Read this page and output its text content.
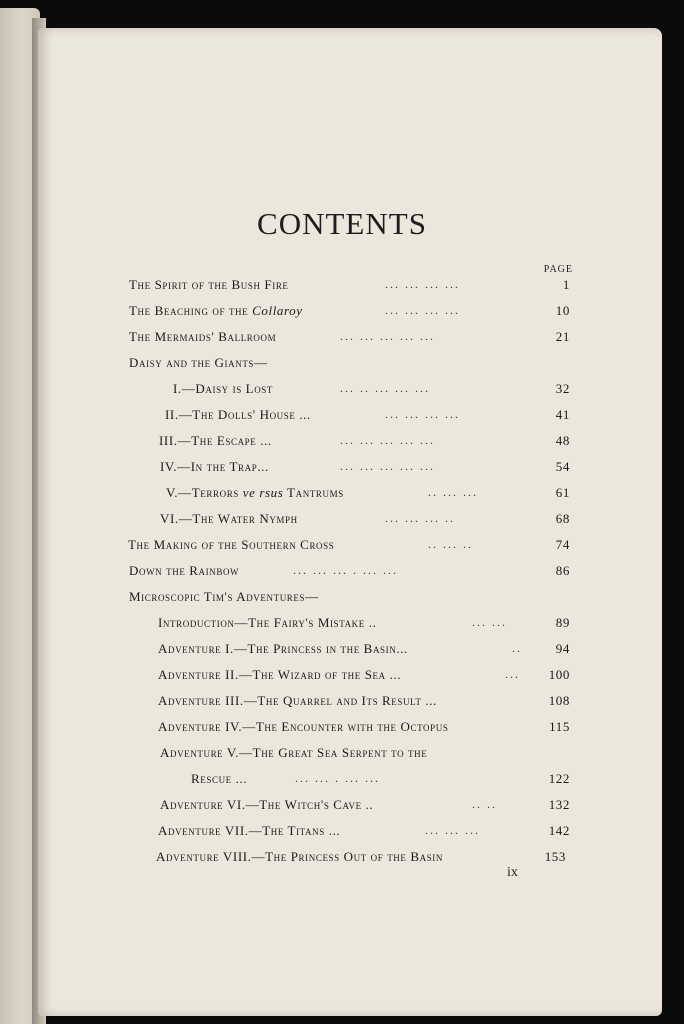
CONTENTS
PAGE
The Spirit of the Bush Fire	... ... ... ...	1
The Beaching of the Collaroy	... ... ... ...	10
The Mermaids' Ballroom	... ... ... ... ...	21
Daisy and the Giants—
I.—Daisy is Lost	... .. ... ... ...	32
II.—The Dolls' House ...	... ... ... ...	41
III.—The Escape ...	... ... ... ... ...	48
IV.—In the Trap...	... ... ... ... ...	54
V.—Terrors ve rsus Tantrums	.. ... ...	61
VI.—The Water Nymph	... ... ... ..	68
The Making of the Southern Cross	.. ... ..	74
Down the Rainbow	... ... ... . ... ...	86
Microscopic Tim's Adventures—
Introduction—The Fairy's Mistake ..	... ...	89
Adventure I.—The Princess in the Basin...	..	94
Adventure II.—The Wizard of the Sea ...	... 100
Adventure III.—The Quarrel and Its Result ...	108
Adventure IV.—The Encounter with the Octopus	115
Adventure V.—The Great Sea Serpent to the
Rescue ...	... ... . ... ...	122
Adventure VI.—The Witch's Cave ..	.. ..	132
Adventure VII.—The Titans ...	... ... ...	142
Adventure VIII.—The Princess Out of the Basin	153
ix
